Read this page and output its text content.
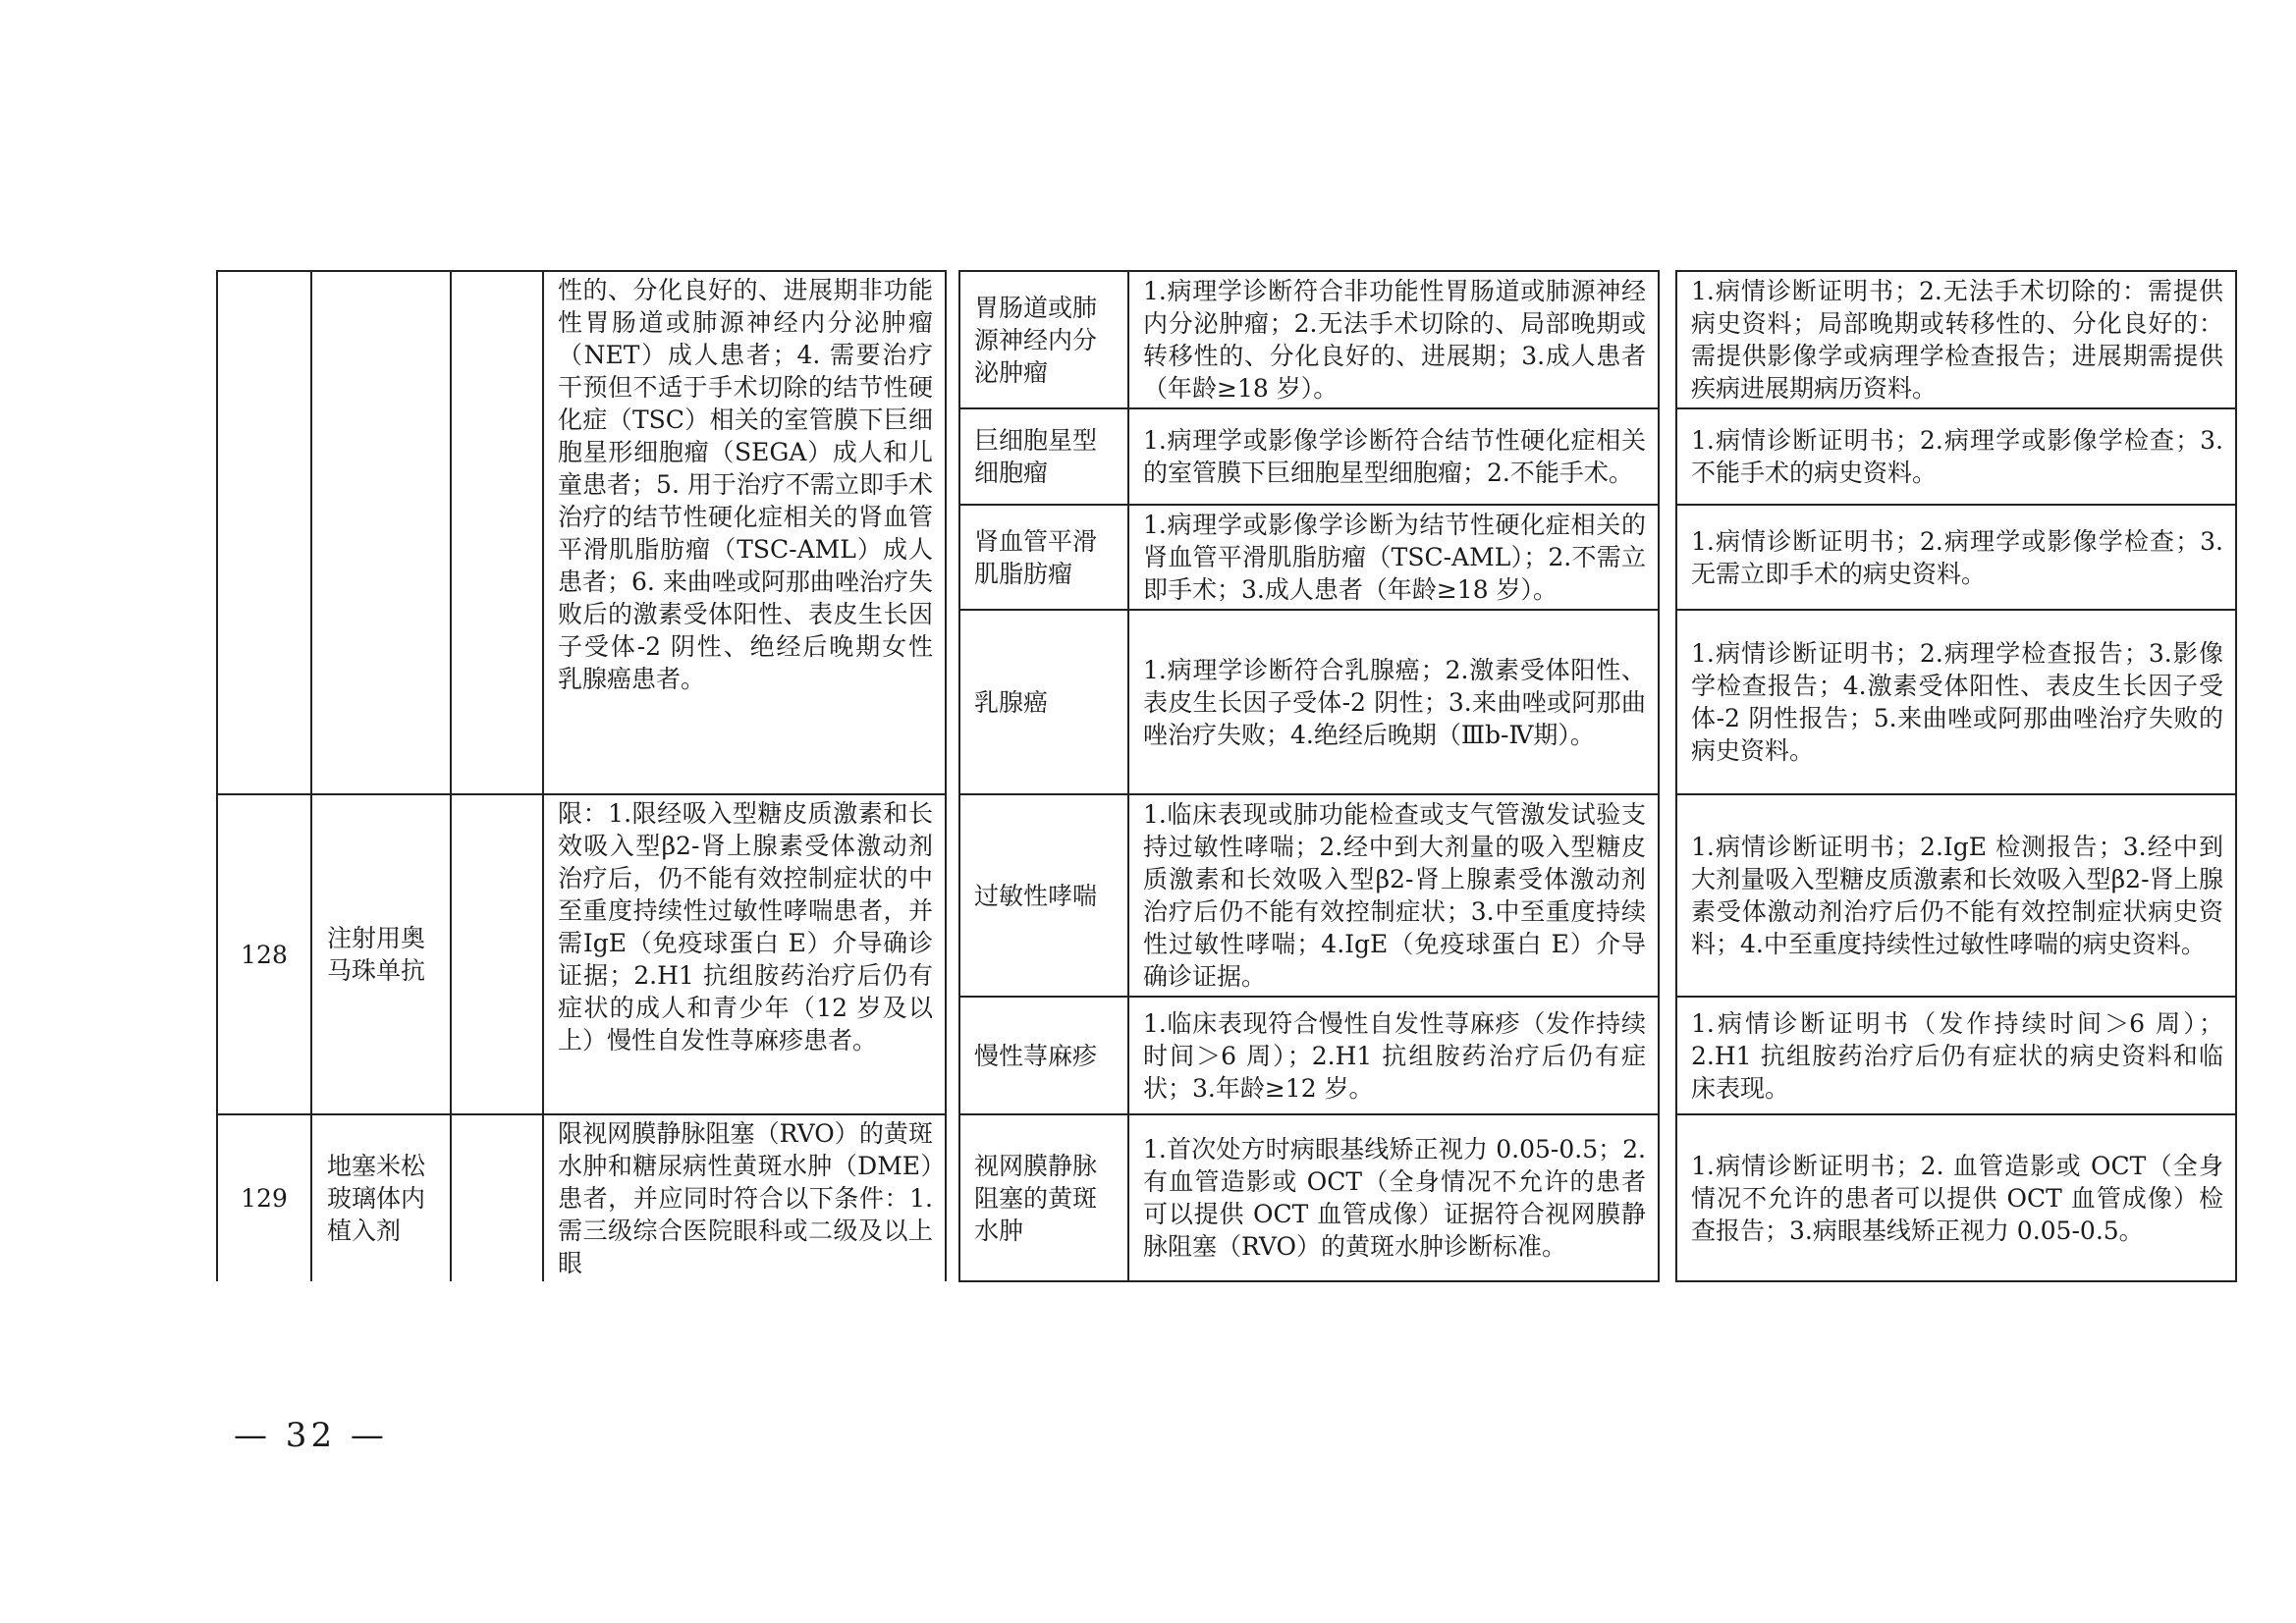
			性的、分化良好的、进展期非功能性胃肠道或肺源神经内分泌肿瘤（NET）成人患者；4. 需要治疗干预但不适于手术切除的结节性硬化症（TSC）相关的室管膜下巨细胞星形细胞瘤（SEGA）成人和儿童患者；5. 用于治疗不需立即手术治疗的结节性硬化症相关的肾血管平滑肌脂肪瘤（TSC-AML）成人患者；6. 来曲唑或阿那曲唑治疗失败后的激素受体阳性、表皮生长因子受体-2 阴性、绝经后晚期女性乳腺癌患者。		胃肠道或肺源神经内分泌肿瘤	1.病理学诊断符合非功能性胃肠道或肺源神经内分泌肿瘤；2.无法手术切除的、局部晚期或转移性的、分化良好的、进展期；3.成人患者（年龄≥18 岁）。		1.病情诊断证明书；2.无法手术切除的：需提供病史资料；局部晚期或转移性的、分化良好的：需提供影像学或病理学检查报告；进展期需提供疾病进展期病历资料。
					巨细胞星型细胞瘤	1.病理学或影像学诊断符合结节性硬化症相关的室管膜下巨细胞星型细胞瘤；2.不能手术。		1.病情诊断证明书；2.病理学或影像学检查；3.不能手术的病史资料。
					肾血管平滑肌脂肪瘤	1.病理学或影像学诊断为结节性硬化症相关的肾血管平滑肌脂肪瘤（TSC-AML）；2.不需立即手术；3.成人患者（年龄≥18 岁）。		1.病情诊断证明书；2.病理学或影像学检查；3.无需立即手术的病史资料。
					乳腺癌	1.病理学诊断符合乳腺癌；2.激素受体阳性、表皮生长因子受体-2 阴性；3.来曲唑或阿那曲唑治疗失败；4.绝经后晚期（Ⅲb-Ⅳ期）。		1.病情诊断证明书；2.病理学检查报告；3.影像学检查报告；4.激素受体阳性、表皮生长因子受体-2 阴性报告；5.来曲唑或阿那曲唑治疗失败的病史资料。
128	注射用奥马珠单抗		限：1.限经吸入型糖皮质激素和长效吸入型β2-肾上腺素受体激动剂治疗后，仍不能有效控制症状的中至重度持续性过敏性哮喘患者，并需IgE（免疫球蛋白 E）介导确诊证据；2.H1 抗组胺药治疗后仍有症状的成人和青少年（12 岁及以上）慢性自发性荨麻疹患者。		过敏性哮喘	1.临床表现或肺功能检查或支气管激发试验支持过敏性哮喘；2.经中到大剂量的吸入型糖皮质激素和长效吸入型β2-肾上腺素受体激动剂治疗后仍不能有效控制症状；3.中至重度持续性过敏性哮喘；4.IgE（免疫球蛋白 E）介导确诊证据。		1.病情诊断证明书；2.IgE 检测报告；3.经中到大剂量吸入型糖皮质激素和长效吸入型β2-肾上腺素受体激动剂治疗后仍不能有效控制症状病史资料；4.中至重度持续性过敏性哮喘的病史资料。
					慢性荨麻疹	1.临床表现符合慢性自发性荨麻疹（发作持续时间＞6 周）；2.H1 抗组胺药治疗后仍有症状；3.年龄≥12 岁。		1.病情诊断证明书（发作持续时间＞6 周）；2.H1 抗组胺药治疗后仍有症状的病史资料和临床表现。
129	地塞米松玻璃体内植入剂		限视网膜静脉阻塞（RVO）的黄斑水肿和糖尿病性黄斑水肿（DME）患者，并应同时符合以下条件：1.需三级综合医院眼科或二级及以上眼		视网膜静脉阻塞的黄斑水肿	1.首次处方时病眼基线矫正视力 0.05-0.5；2.有血管造影或 OCT（全身情况不允许的患者可以提供 OCT 血管成像）证据符合视网膜静脉阻塞（RVO）的黄斑水肿诊断标准。		1.病情诊断证明书；2. 血管造影或 OCT（全身情况不允许的患者可以提供 OCT 血管成像）检查报告；3.病眼基线矫正视力 0.05-0.5。
— 32 —
